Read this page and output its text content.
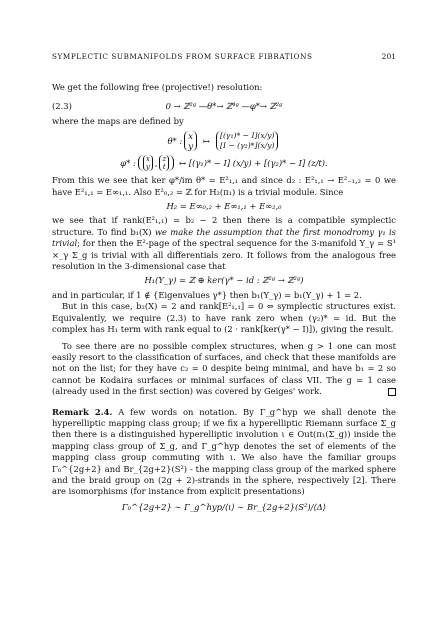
SYMPLECTIC SUBMANIFOLDS FROM SURFACE FIBRATIONS	201

We get the following free (projective!) resolution:

(2.3)	0 → ℤ²ᵍ —θ*→ ℤ⁴ᵍ —φ*→ ℤ²ᵍ

where the maps are defined by

θ* : x
y
↦ [(γ₁)* − I](x/y)
[I − (γ₂)*](x/y)
φ* : x
y , z
t ↦ [(γ₁)* − I] (x/y) + [(γ₂)* − I] (z/t).

From this we see that ker φ*/im θ* = E²₁,₁ and since d₂ : E²₁,₁ → E²₋₁,₂ = 0 we have E²₁,₁ = E∞₁,₁. Also E²₀,₂ = ℤ for H₂(π₁) is a trivial module. Since

H₂ = E∞₀,₂ + E∞₁,₁ + E∞₂,₀

we see that if rank(E²₁,₁) = b₂ − 2 then there is a compatible symplectic structure. To find b₁(X) we make the assumption that the first monodromy γ₁ is trivial; for then the E²-page of the spectral sequence for the 3-manifold Y_γ = S¹ ×_γ Σ_g is trivial with all differentials zero. It follows from the analogous free resolution in the 3-dimensional case that

H₁(Y_γ) = ℤ ⊕ ker(γ* − id : ℤ²ᵍ → ℤ²ᵍ)

and in particular, if 1 ∉ {Eigenvalues γ*} then b₁(Y_γ) = b₁(Y_γ) + 1 = 2.

But in this case, b₂(X) = 2 and rank[E²₁,₁] = 0 ⇔ symplectic structures exist. Equivalently, we require (2.3) to have rank zero when (γ₂)* = id. But the complex has H₁ term with rank equal to (2 · rank[ker(γ* − I)]), giving the result.

To see there are no possible complex structures, when g > 1 one can most easily resort to the classification of surfaces, and check that these manifolds are not on the list; for they have c₂ = 0 despite being minimal, and have b₁ = 2 so cannot be Kodaira surfaces or minimal surfaces of class VII. The g = 1 case (already used in the first section) was covered by Geiges' work.

Remark 2.4. A few words on notation. By Γ_g^hyp we shall denote the hyperelliptic mapping class group; if we fix a hyperelliptic Riemann surface Σ_g then there is a distinguished hyperelliptic involution ι ∈ Out(π₁(Σ_g)) inside the mapping class group of Σ_g, and Γ_g^hyp denotes the set of elements of the mapping class group commuting with ι. We also have the familiar groups Γ₀^{2g+2} and Br_{2g+2}(S²) - the mapping class group of the marked sphere and the braid group on (2g + 2)-strands in the sphere, respectively [2]. There are isomorphisms (for instance from explicit presentations)

Γ₀^{2g+2} ∼ Γ_g^hyp/⟨ι⟩ ∼ Br_{2g+2}(S²)/⟨Δ⟩
